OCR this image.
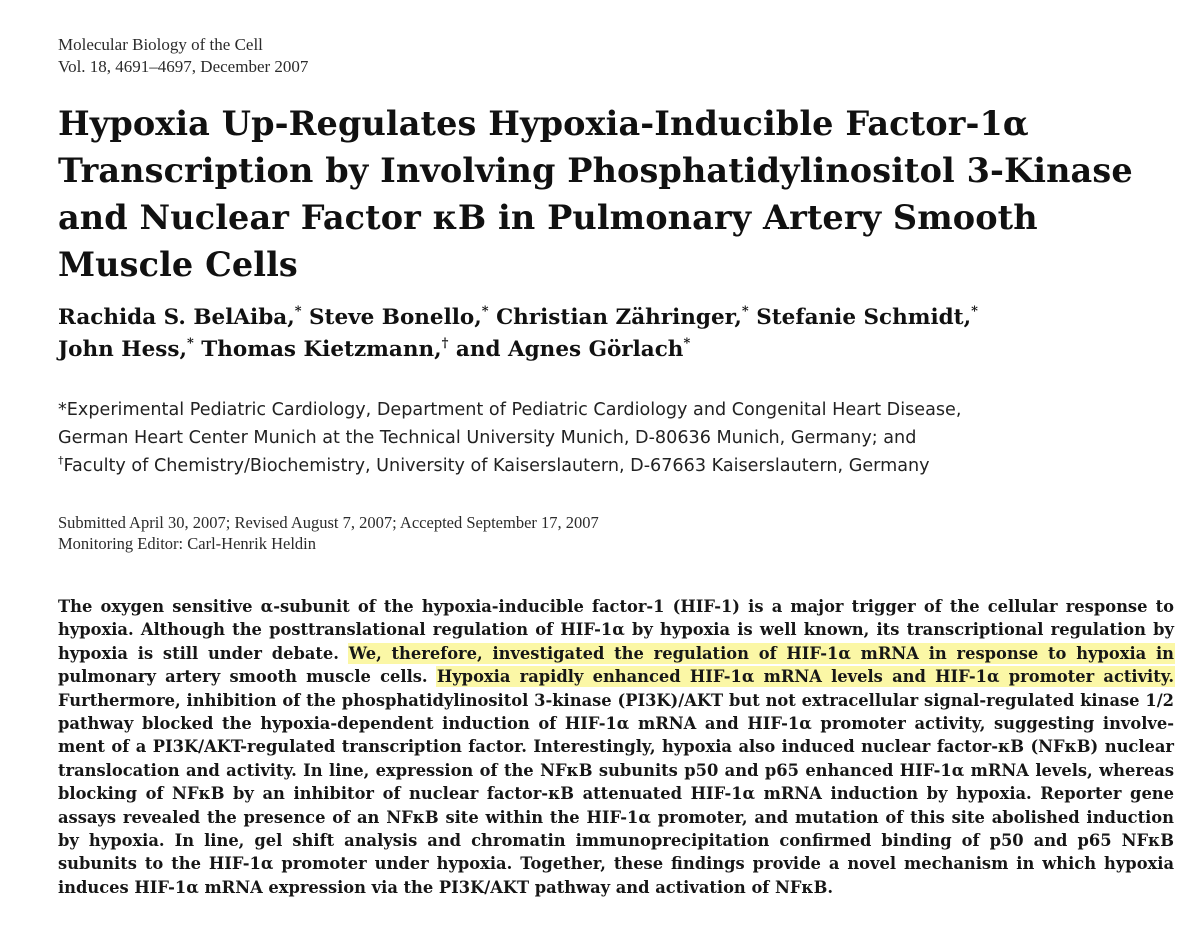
Molecular Biology of the Cell
Vol. 18, 4691–4697, December 2007
Hypoxia Up-Regulates Hypoxia-Inducible Factor-1α
Transcription by Involving Phosphatidylinositol 3-Kinase
and Nuclear Factor κB in Pulmonary Artery Smooth
Muscle Cells
Rachida S. BelAiba,* Steve Bonello,* Christian Zähringer,* Stefanie Schmidt,*
John Hess,* Thomas Kietzmann,† and Agnes Görlach*
*Experimental Pediatric Cardiology, Department of Pediatric Cardiology and Congenital Heart Disease,
German Heart Center Munich at the Technical University Munich, D-80636 Munich, Germany; and
†Faculty of Chemistry/Biochemistry, University of Kaiserslautern, D-67663 Kaiserslautern, Germany
Submitted April 30, 2007; Revised August 7, 2007; Accepted September 17, 2007
Monitoring Editor: Carl-Henrik Heldin
The oxygen sensitive α-subunit of the hypoxia-inducible factor-1 (HIF-1) is a major trigger of the cellular response to
hypoxia. Although the posttranslational regulation of HIF-1α by hypoxia is well known, its transcriptional regulation by
hypoxia is still under debate. We, therefore, investigated the regulation of HIF-1α mRNA in response to hypoxia in
pulmonary artery smooth muscle cells. Hypoxia rapidly enhanced HIF-1α mRNA levels and HIF-1α promoter activity.
Furthermore, inhibition of the phosphatidylinositol 3-kinase (PI3K)/AKT but not extracellular signal-regulated kinase 1/2
pathway blocked the hypoxia-dependent induction of HIF-1α mRNA and HIF-1α promoter activity, suggesting involve-
ment of a PI3K/AKT-regulated transcription factor. Interestingly, hypoxia also induced nuclear factor-κB (NFκB) nuclear
translocation and activity. In line, expression of the NFκB subunits p50 and p65 enhanced HIF-1α mRNA levels, whereas
blocking of NFκB by an inhibitor of nuclear factor-κB attenuated HIF-1α mRNA induction by hypoxia. Reporter gene
assays revealed the presence of an NFκB site within the HIF-1α promoter, and mutation of this site abolished induction
by hypoxia. In line, gel shift analysis and chromatin immunoprecipitation confirmed binding of p50 and p65 NFκB
subunits to the HIF-1α promoter under hypoxia. Together, these findings provide a novel mechanism in which hypoxia
induces HIF-1α mRNA expression via the PI3K/AKT pathway and activation of NFκB.
